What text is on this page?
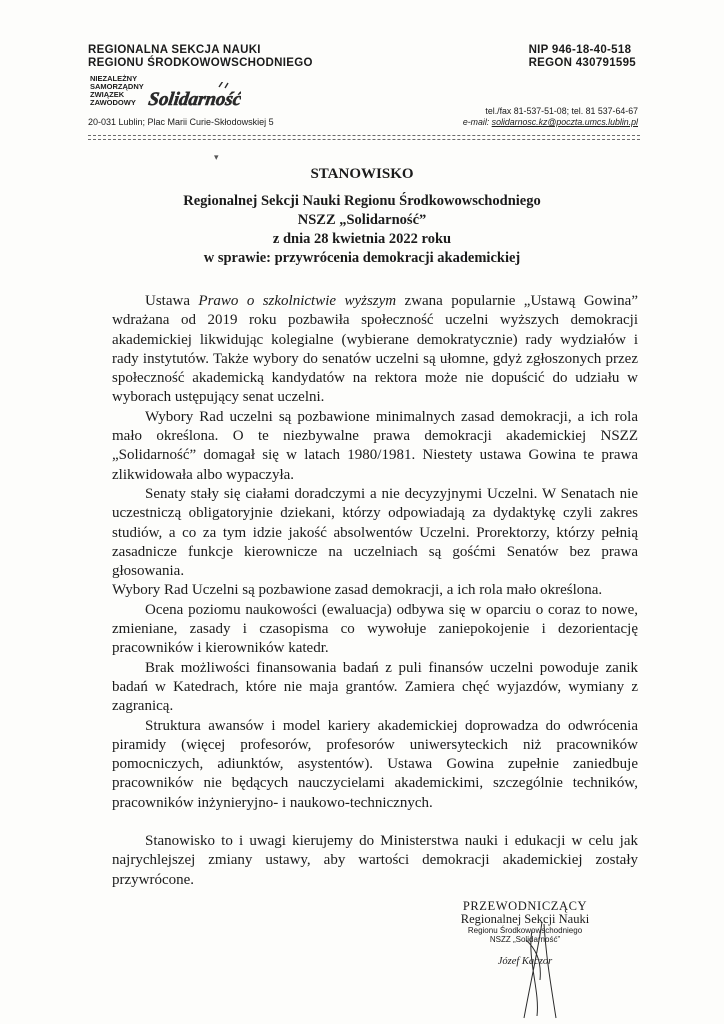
REGIONALNA SEKCJA NAUKI
REGIONU ŚRODKOWOWSCHODNIEGO
NIEZALEŻNY
SAMORZĄDNY
ZWIĄZEK
ZAWODOWY Solidarność
20-031 Lublin; Plac Marii Curie-Skłodowskiej 5
NIP 946-18-40-518
REGON 430791595
tel./fax 81-537-51-08; tel. 81 537-64-67
e-mail: solidarnosc.kz@poczta.umcs.lublin.pl
▾
STANOWISKO
Regionalnej Sekcji Nauki Regionu Środkowowschodniego
NSZZ „Solidarność”
z dnia 28 kwietnia 2022 roku
w sprawie: przywrócenia demokracji akademickiej

Ustawa Prawo o szkolnictwie wyższym zwana popularnie „Ustawą Gowina” wdrażana od 2019 roku pozbawiła społeczność uczelni wyższych demokracji akademickiej likwidując kolegialne (wybierane demokratycznie) rady wydziałów i rady instytutów. Także wybory do senatów uczelni są ułomne, gdyż zgłoszonych przez społeczność akademicką kandydatów na rektora może nie dopuścić do udziału w wyborach ustępujący senat uczelni.

Wybory Rad uczelni są pozbawione minimalnych zasad demokracji, a ich rola mało określona. O te niezbywalne prawa demokracji akademickiej NSZZ „Solidarność” domagał się w latach 1980/1981. Niestety ustawa Gowina te prawa zlikwidowała albo wypaczyła.

Senaty stały się ciałami doradczymi a nie decyzyjnymi Uczelni. W Senatach nie uczestniczą obligatoryjnie dziekani, którzy odpowiadają za dydaktykę czyli zakres studiów, a co za tym idzie jakość absolwentów Uczelni. Prorektorzy, którzy pełnią zasadnicze funkcje kierownicze na uczelniach są gośćmi Senatów bez prawa głosowania.

Wybory Rad Uczelni są pozbawione zasad demokracji, a ich rola mało określona.

Ocena poziomu naukowości (ewaluacja) odbywa się w oparciu o coraz to nowe, zmieniane, zasady i czasopisma co wywołuje zaniepokojenie i dezorientację pracowników i kierowników katedr.

Brak możliwości finansowania badań z puli finansów uczelni powoduje zanik badań w Katedrach, które nie maja grantów. Zamiera chęć wyjazdów, wymiany z zagranicą.

Struktura awansów i model kariery akademickiej doprowadza do odwrócenia piramidy (więcej profesorów, profesorów uniwersyteckich niż pracowników pomocniczych, adiunktów, asystentów). Ustawa Gowina zupełnie zaniedbuje pracowników nie będących nauczycielami akademickimi, szczególnie techników, pracowników inżynieryjno- i naukowo-technicznych.

Stanowisko to i uwagi kierujemy do Ministerstwa nauki i edukacji w celu jak najrychlejszej zmiany ustawy, aby wartości demokracji akademickiej zostały przywrócone.

PRZEWODNICZĄCY
Regionalnej Sekcji Nauki
Regionu Środkowowschodniego
NSZZ „Solidarność”
Józef Kaczor
